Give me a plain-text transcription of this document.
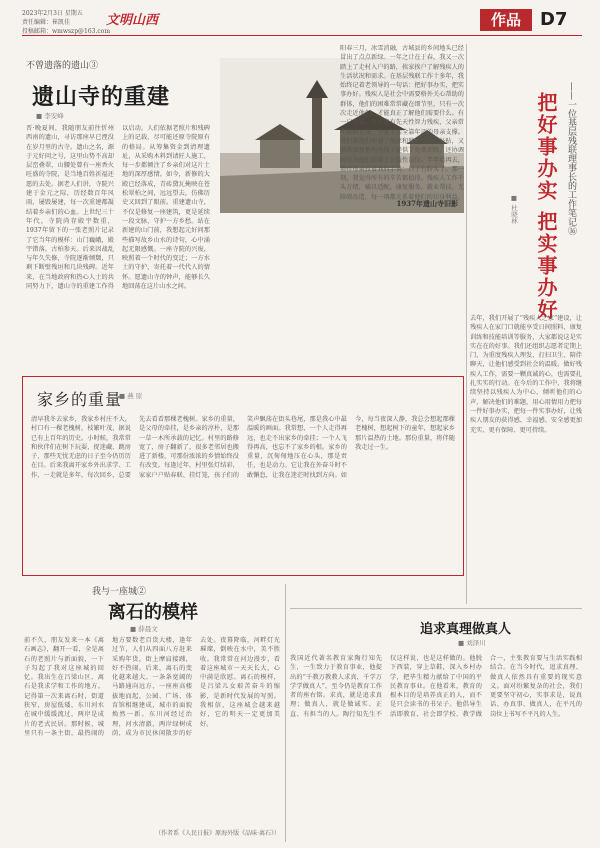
2023年2月3日 星期五
责任编辑：崔凯佳
投稿邮箱：wmwszp@163.com
文明山西	作品	D7
不曾遗落的遗山③
遗山寺的重建
■ 李安峰
1937年遗山寺旧影
晋·晚夏间，我随朋友前往忻州西南的遗山，寻访那座早已湮没在岁月里的古寺。遗山之名，源于元好问之号，这里山势不高却层峦叠翠，山腰处曾有一座香火旺盛的寺院，是当地百姓祈福还愿的去处。据老人们讲，寺院兴建于金元之际，历经数百年风雨，屡毁屡建，每一次重建都凝结着乡亲们的心血。上世纪三十年代，寺院尚存殿宇数重，1937年留下的一张老照片记录了它当年的模样：山门巍峨，殿宇错落，古柏参天。后来因战乱与年久失修，寺院逐渐倾颓，只剩下断壁残垣和几块残碑。近年来，在当地政府和热心人士的共同努力下，遗山寺的重建工作得以启动。人们依据老照片和残碑上的记载，尽可能还原寺院原有的格局。从筹集资金到清理遗址，从采购木料到请匠人施工，每一步都倾注了乡亲们对这片土地的深厚感情。如今，新修的大殿已经落成，青砖黛瓦掩映在苍松翠柏之间，远远望去，仿佛历史又回到了眼前。重建遗山寺，不仅是修复一座建筑，更是延续一段文脉，守护一方乡愁。站在新建的山门前，我想起元好问那些描写故乡山水的诗句，心中涌起无限感慨。一座寺院的兴废，映照着一个时代的变迁；一方水土的守护，寄托着一代代人的情怀。愿遗山寺的钟声，能够长久地回荡在这片山水之间。
家乡的重量
■ 燕 原
清早我冬去家乡，我家乡村庄不大，村口有一棵老槐树，枝繁叶茂，据说已有上百年的历史。小时候，我常常和伙伴们在树下玩耍，捉迷藏、跳房子，那些无忧无虑的日子至今仍历历在目。后来我离开家乡外出求学、工作，一走就是多年，每次回乡，总要先去看看那棵老槐树。家乡的重量，是父母的牵挂，是乡亲的淳朴，是那一草一木所承载的记忆。村里的路修宽了，房子翻新了，很多老邻居也搬进了新楼，可那份浓浓的乡情始终没有改变。每逢过年，村里张灯结彩，家家户户贴春联、挂灯笼，孩子们的笑声飘荡在街头巷尾，那是我心中最温暖的画面。我常想，一个人走得再远，也走不出家乡的牵挂；一个人飞得再高，也忘不了家乡的根。家乡的重量，沉甸甸地压在心头，那是责任，也是动力。它让我在外奋斗时不敢懈怠，让我在迷茫时找到方向。如今，每当夜深人静，我总会想起那棵老槐树，想起树下的童年，想起家乡那片温热的土地。那份重量，将伴随我走过一生。
我与一座城②
离石的模样
■ 薛晨文
前不久，朋友发来一本《离石画志》，翻开一看，全是离石的老照片与新面貌，一下子勾起了我对这座城的回忆。我出生在吕梁山区，离石是我求学和工作的地方。记得第一次来离石时，街道狭窄，房屋低矮，东川河水在城中缓缓流过，两岸是成片的老式民居。那时候，城里只有一条主街，最热闹的地方要数老百货大楼，逢年过节，人们从四面八方赶来采购年货，街上摩肩接踵，好不热闹。后来，离石的变化越来越大。一条条宽阔的马路通向远方，一座座高楼拔地而起，公园、广场、体育馆相继建成，城市的面貌焕然一新。东川河经过治理，河水清澈，两岸绿树成荫，成为市民休闲散步的好去处。夜幕降临，河畔灯光璀璨，倒映在水中，美不胜收。我常常在河边漫步，看着这座城市一天天长大，心中满是欣慰。离石的模样，是吕梁儿女艰苦奋斗的缩影，是新时代发展的写照。我相信，这座城会越来越好，它的明天一定更加美好。
（作者系《人民日报》原海外版《品味·离石》）
——一位基层残联理事长的工作笔记⑯
把好事办实 把实事办好
■ 杜晓林
去年，我们开展了“残疾人之家”建设，让残疾人在家门口就能享受日间照料、康复训练和技能培训等服务，大家都说这是实实在在的好事。我们还组织志愿者定期上门，为重度残疾人理发、打扫卫生、陪伴聊天，让他们感受到社会的温暖。做好残疾人工作，需要一颗真诚的心，也需要扎扎实实的行动。在今后的工作中，我将继续坚持以残疾人为中心，倾听他们的心声，解决他们的难题，用心用情用力把每一件好事办实，把每一件实事办好，让残疾人朋友的获得感、幸福感、安全感更加充实、更有保障、更可持续。
阳春三月，冰雪消融，古城县的乡间地头已经冒出了点点新绿。一年之计在于春，我又一次踏上了走村入户的路，挨家挨户了解残疾人的生活状况和需求。在基层残联工作十多年，我始终记着老领导的一句话：把好事办实，把实事办好。残疾人是社会中需要格外关心帮助的群体，他们的困难常常藏在细节里，只有一次次走近他们，才能真正了解他们需要什么。有一户人家，儿子患有先天性智力残疾，父亲常年卧病在床，全家生活全靠年迈的母亲支撑。我们帮他们申请了低保和残疾人两项补贴，又联系康复机构为孩子提供了免费训练，还协调村里为他们安排了公益性岗位。半年后再去，那位母亲拉着我的手说：日子有盼头了。那一刻，我觉得所有的辛苦都值得。残疾人工作千头万绪，辅具适配、康复服务、就业帮扶、无障碍改造，每一项都关系着他们的切身利益。
追求真理做真人
■ 刘泽川
我国近代著名教育家陶行知先生，一生致力于教育事业，他提出的“千教万教教人求真，千学万学学做真人”，至今仍是教育工作者的座右铭。求真，就是追求真理；做真人，就是做诚实、正直、有担当的人。陶行知先生不仅这样说，也是这样做的。他脱下西装，穿上草鞋，深入乡村办学，把毕生精力献给了中国的平民教育事业。在他看来，教育的根本目的是培养真正的人，而不是只会读书的书呆子。他倡导生活即教育、社会即学校、教学做合一，主张教育要与生活实践相结合。在当今时代，追求真理、做真人依然具有重要的现实意义。面对纷繁复杂的社会，我们更要坚守初心，实事求是，说真话、办真事、做真人，在平凡的岗位上书写不平凡的人生。
